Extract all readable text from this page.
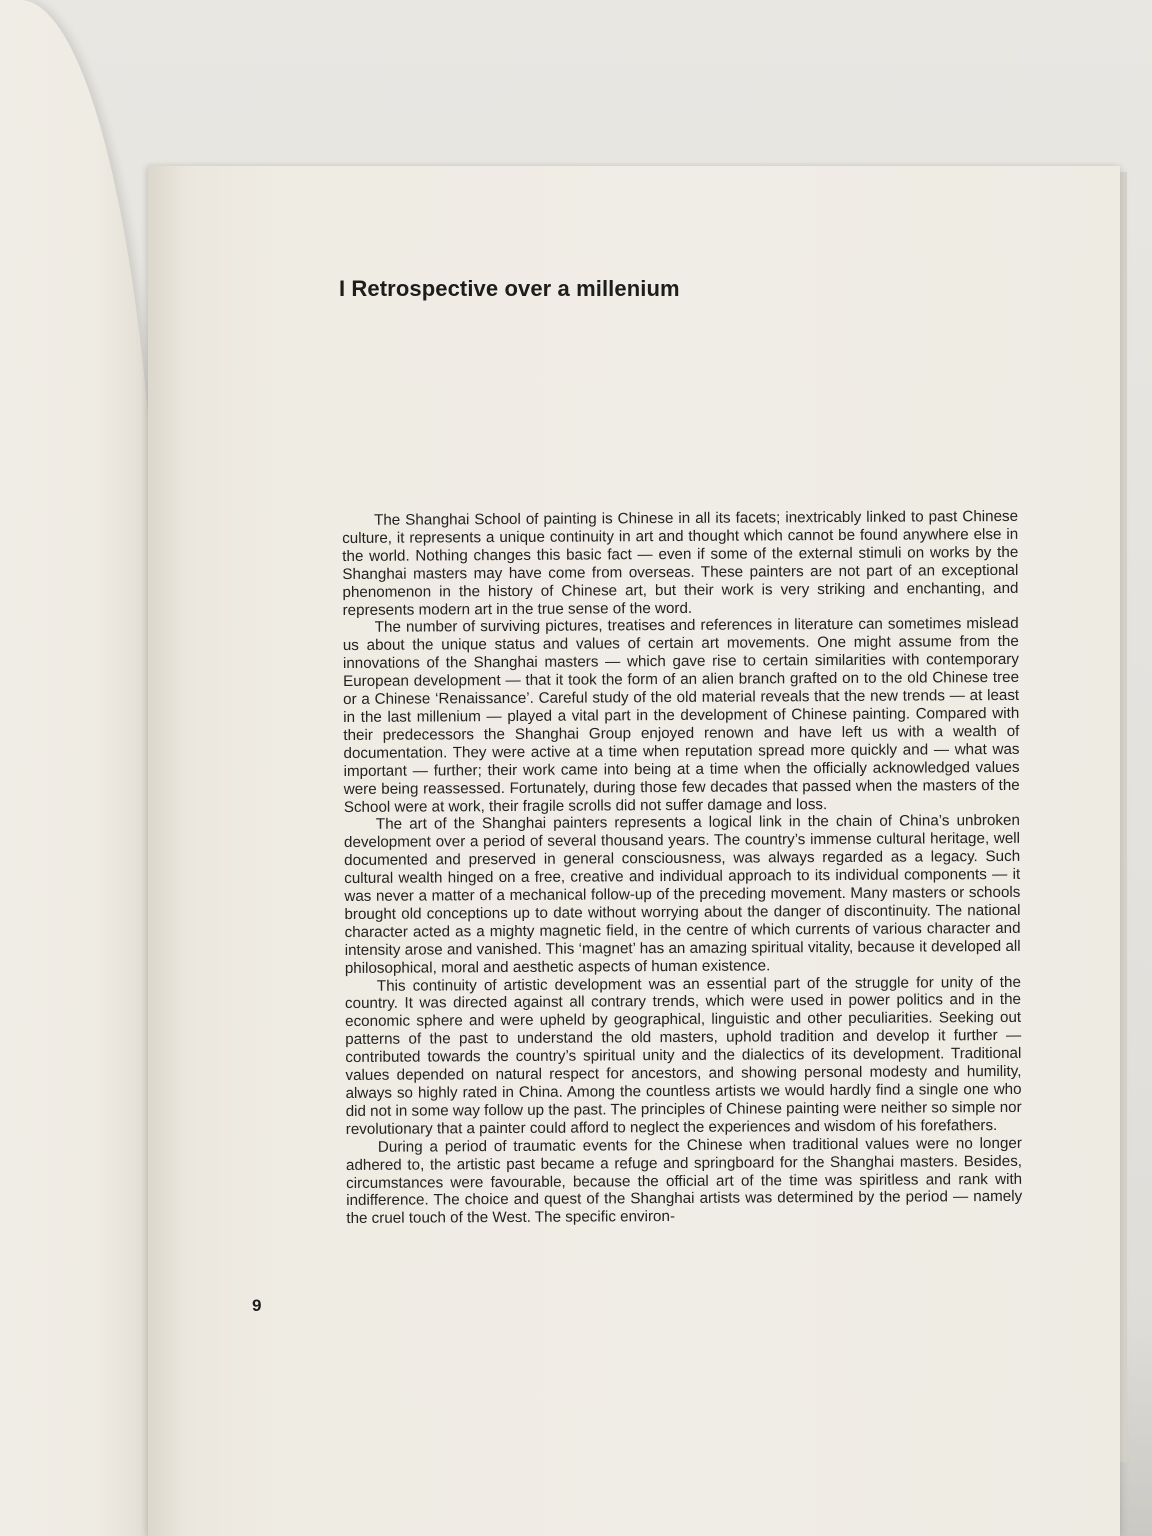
I Retrospective over a millenium

The Shanghai School of painting is Chinese in all its facets; inextricably linked to past Chinese culture, it represents a unique continuity in art and thought which cannot be found anywhere else in the world. Nothing changes this basic fact — even if some of the external stimuli on works by the Shanghai masters may have come from overseas. These painters are not part of an exceptional phenomenon in the history of Chinese art, but their work is very striking and enchanting, and represents modern art in the true sense of the word.

The number of surviving pictures, treatises and references in literature can sometimes mislead us about the unique status and values of certain art movements. One might assume from the innovations of the Shanghai masters — which gave rise to certain similarities with contemporary European development — that it took the form of an alien branch grafted on to the old Chinese tree or a Chinese ‘Renaissance’. Careful study of the old material reveals that the new trends — at least in the last millenium — played a vital part in the development of Chinese painting. Compared with their predecessors the Shanghai Group enjoyed renown and have left us with a wealth of documentation. They were active at a time when reputation spread more quickly and — what was important — further; their work came into being at a time when the officially acknowledged values were being reassessed. Fortunately, during those few decades that passed when the masters of the School were at work, their fragile scrolls did not suffer damage and loss.

The art of the Shanghai painters represents a logical link in the chain of China’s unbroken development over a period of several thousand years. The country’s immense cultural heritage, well documented and preserved in general consciousness, was always regarded as a legacy. Such cultural wealth hinged on a free, creative and individual approach to its individual components — it was never a matter of a mechanical follow-up of the preceding movement. Many masters or schools brought old conceptions up to date without worrying about the danger of discontinuity. The national character acted as a mighty magnetic field, in the centre of which currents of various character and intensity arose and vanished. This ‘magnet’ has an amazing spiritual vitality, because it developed all philosophical, moral and aesthetic aspects of human existence.

This continuity of artistic development was an essential part of the struggle for unity of the country. It was directed against all contrary trends, which were used in power politics and in the economic sphere and were upheld by geographical, linguistic and other peculiarities. Seeking out patterns of the past to understand the old masters, uphold tradition and develop it further — contributed towards the country’s spiritual unity and the dialectics of its development. Traditional values depended on natural respect for ancestors, and showing personal modesty and humility, always so highly rated in China. Among the countless artists we would hardly find a single one who did not in some way follow up the past. The principles of Chinese painting were neither so simple nor revolutionary that a painter could afford to neglect the experiences and wisdom of his forefathers.

During a period of traumatic events for the Chinese when traditional values were no longer adhered to, the artistic past became a refuge and springboard for the Shanghai masters. Besides, circumstances were favourable, because the official art of the time was spiritless and rank with indifference. The choice and quest of the Shanghai artists was determined by the period — namely the cruel touch of the West. The specific environ-

9
